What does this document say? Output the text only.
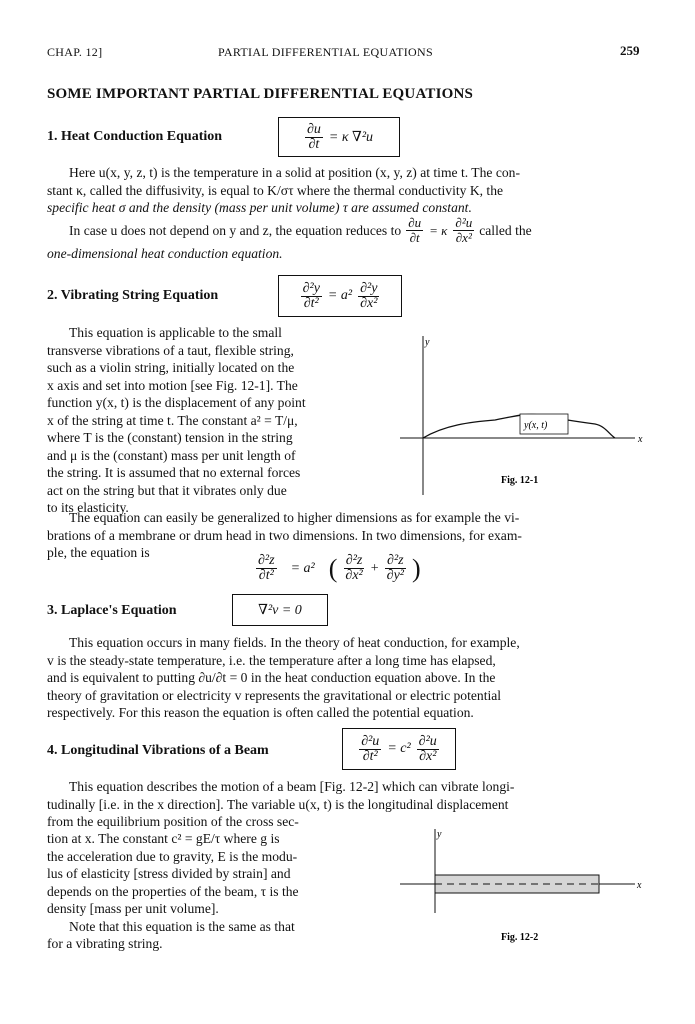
CHAP. 12]	PARTIAL DIFFERENTIAL EQUATIONS	259
SOME IMPORTANT PARTIAL DIFFERENTIAL EQUATIONS
1. Heat Conduction Equation	$\frac{\partial u}{\partial t} = \kappa$ ∇²u

Here u(x, y, z, t) is the temperature in a solid at position (x, y, z) at time t. The con-

stant κ, called the diffusivity, is equal to K/στ where the thermal conductivity K, the

specific heat σ and the density (mass per unit volume) τ are assumed constant.

In case u does not depend on y and z, the equation reduces to $\frac{\partial u}{\partial t} = \kappa \frac{\text{∂²u}}{\text{∂x²}}$ called the
one-dimensional heat conduction equation.
2. Vibrating String Equation	$\frac{\text{∂²y}}{\text{∂t²}} = a^2 \frac{\text{∂²y}}{\text{∂x²}}$

This equation is applicable to the small

transverse vibrations of a taut, flexible string,

such as a violin string, initially located on the

x axis and set into motion [see Fig. 12-1]. The

function y(x, t) is the displacement of any point

x of the string at time t. The constant a² = T/μ,

where T is the (constant) tension in the string

and μ is the (constant) mass per unit length of

the string. It is assumed that no external forces

act on the string but that it vibrates only due

to its elasticity.

y(x, t)
y
x
Fig. 12-1

The equation can easily be generalized to higher dimensions as for example the vi-

brations of a membrane or drum head in two dimensions. In two dimensions, for exam-

ple, the equation is

$\frac{\text{∂²z}}{\text{∂t²}} = a^2$ ( $\frac{\text{∂²z}}{\text{∂x²}} + \frac{\text{∂²z}}{\text{∂y²}}$ )
3. Laplace's Equation	∇²v = 0

This equation occurs in many fields. In the theory of heat conduction, for example,

v is the steady-state temperature, i.e. the temperature after a long time has elapsed,

and is equivalent to putting ∂u/∂t = 0 in the heat conduction equation above. In the

theory of gravitation or electricity v represents the gravitational or electric potential

respectively. For this reason the equation is often called the potential equation.

4. Longitudinal Vibrations of a Beam	$\frac{\text{∂²u}}{\text{∂t²}} = c^2 \frac{\text{∂²u}}{\text{∂x²}}$

This equation describes the motion of a beam [Fig. 12-2] which can vibrate longi-

tudinally [i.e. in the x direction]. The variable u(x, t) is the longitudinal displacement

from the equilibrium position of the cross sec-

tion at x. The constant c² = gE/τ where g is

the acceleration due to gravity, E is the modu-

lus of elasticity [stress divided by strain] and

depends on the properties of the beam, τ is the

density [mass per unit volume].

Note that this equation is the same as that

for a vibrating string.

y
x
Fig. 12-2
